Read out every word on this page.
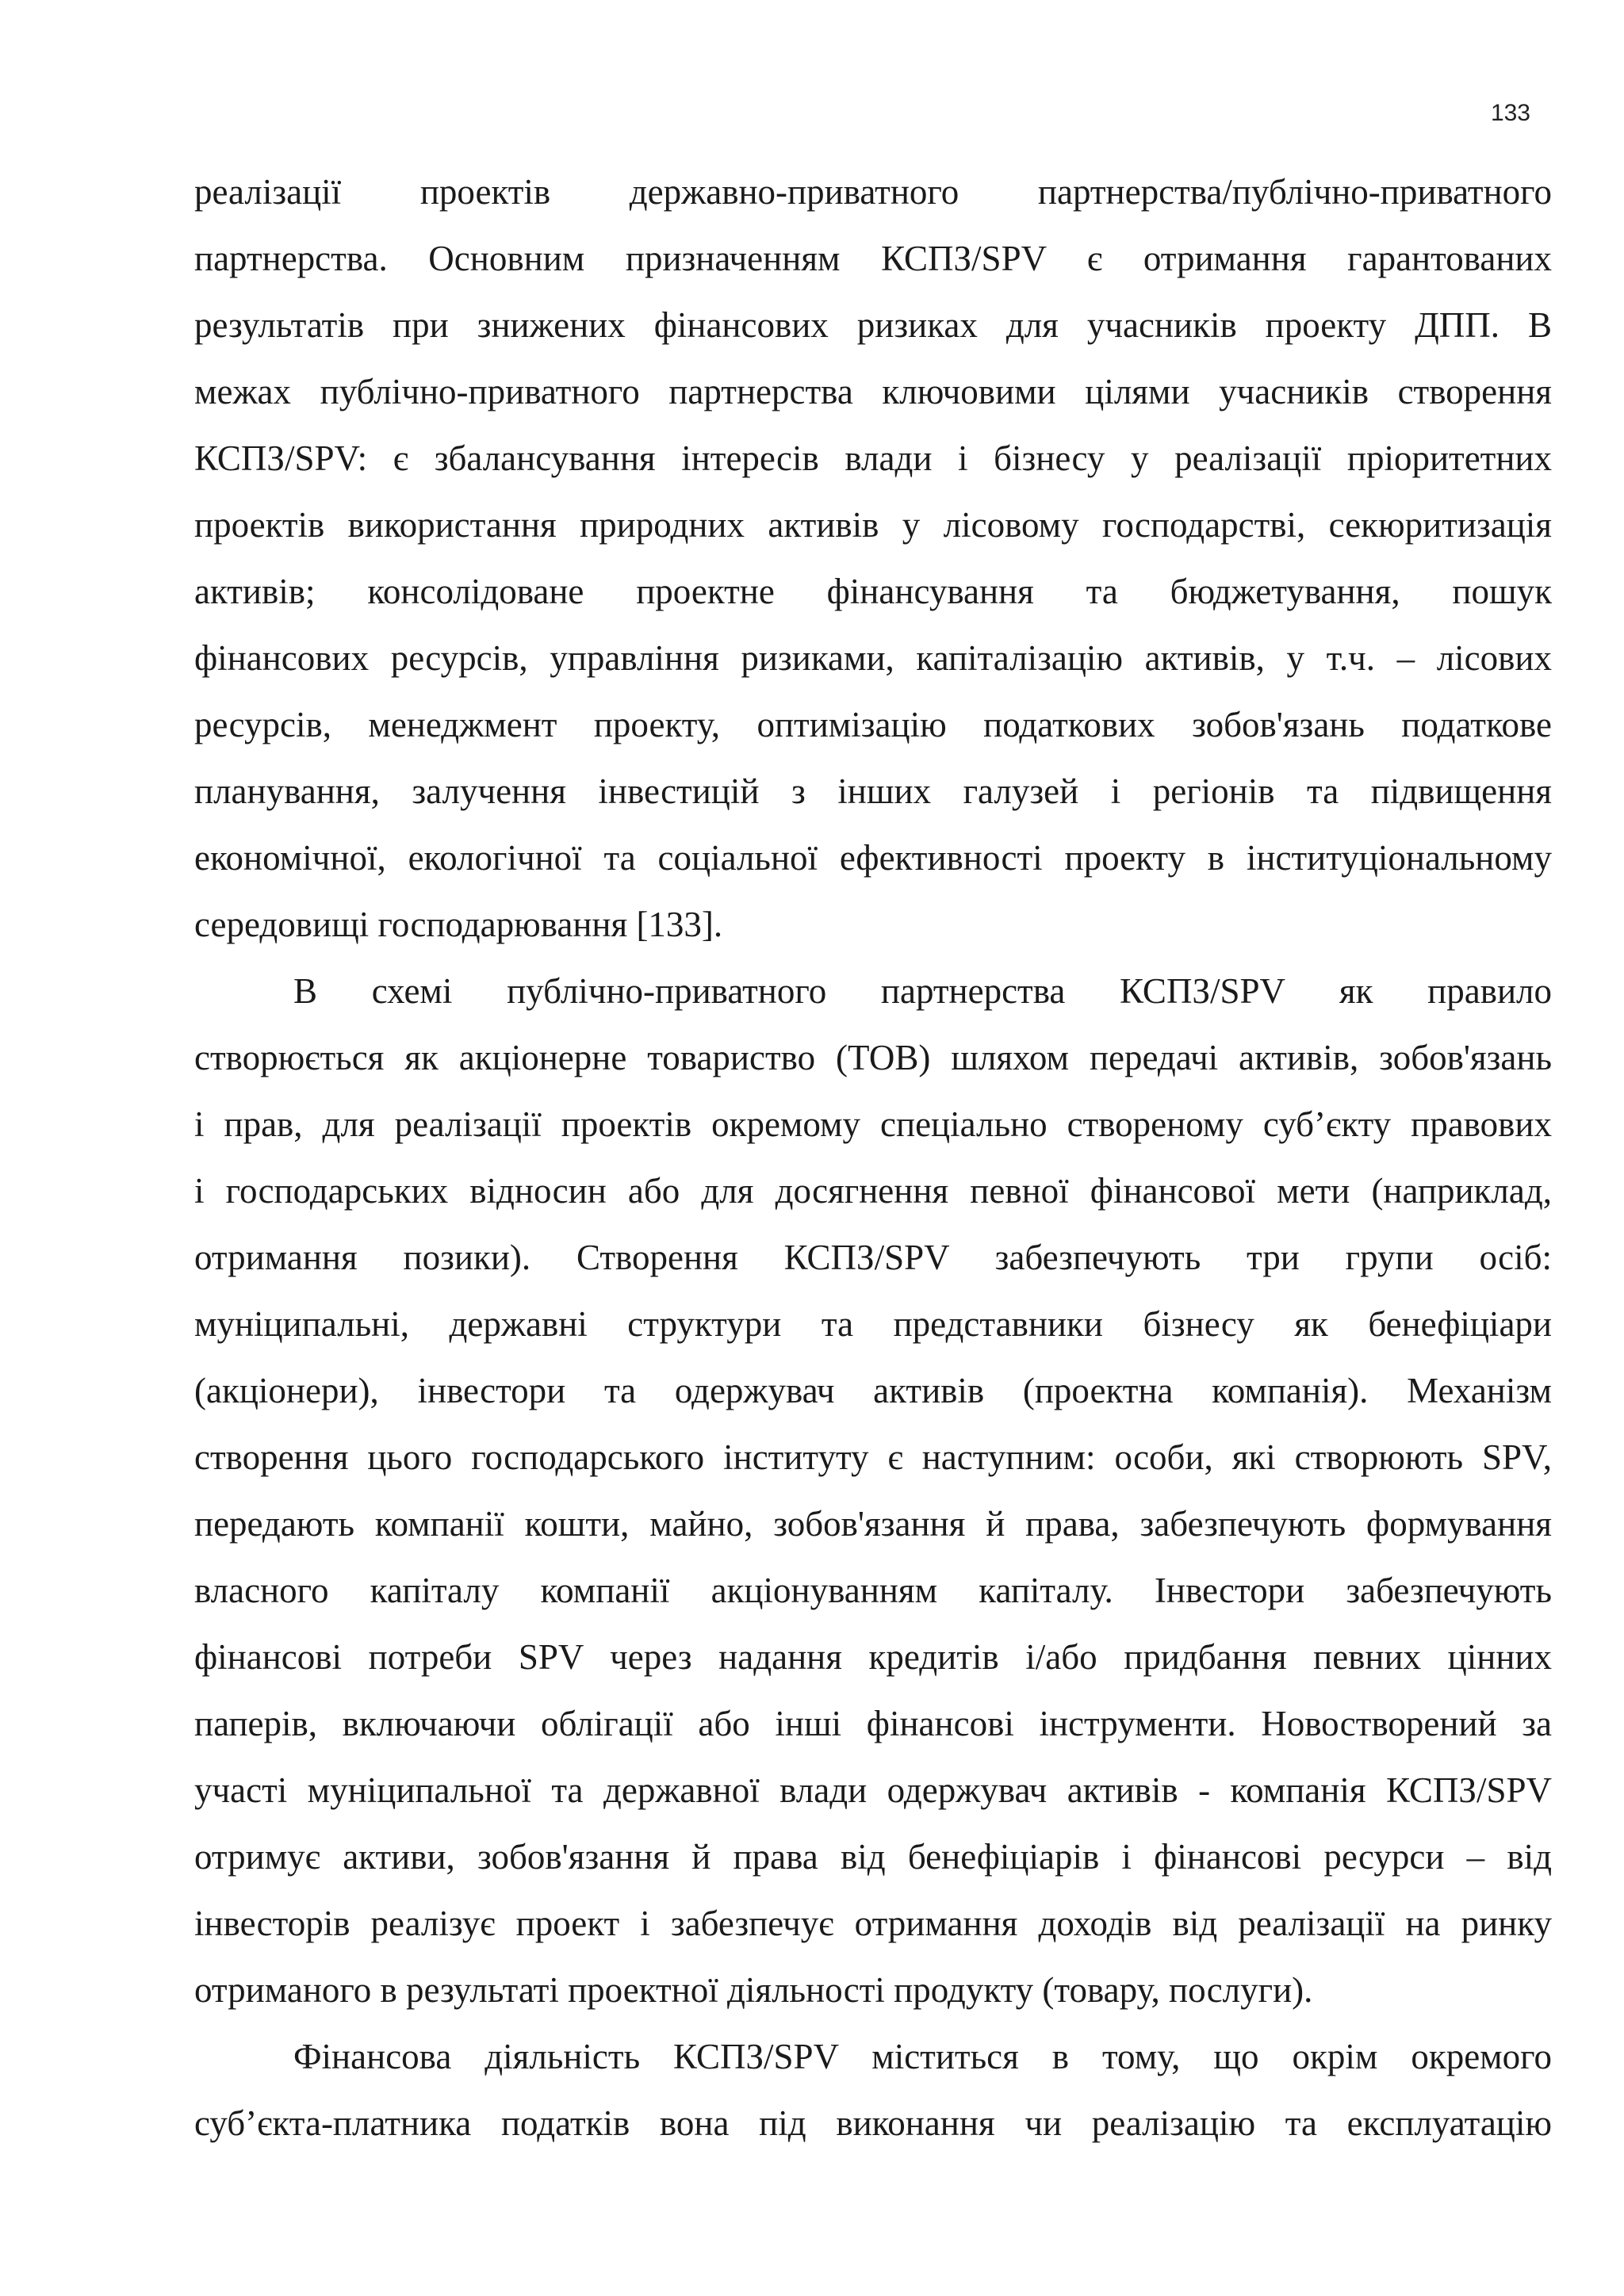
133
реалізації проектів державно-приватного партнерства/публічно-приватного
партнерства. Основним призначенням КСПЗ/SPV є отримання гарантованих
результатів при знижених фінансових ризиках для учасників проекту ДПП. В
межах публічно-приватного партнерства ключовими цілями учасників створення
КСПЗ/SPV: є збалансування інтересів влади і бізнесу у реалізації пріоритетних
проектів використання природних активів у лісовому господарстві, секюритизація
активів; консолідоване проектне фінансування та бюджетування, пошук
фінансових ресурсів, управління ризиками, капіталізацію активів, у т.ч. – лісових
ресурсів, менеджмент проекту, оптимізацію податкових зобов'язань податкове
планування, залучення інвестицій з інших галузей і регіонів та підвищення
економічної, екологічної та соціальної ефективності проекту в інституціональному
середовищі господарювання [133].
В схемі публічно-приватного партнерства КСПЗ/SPV як правило
створюється як акціонерне товариство (ТОВ) шляхом передачі активів, зобов'язань
і прав, для реалізації проектів окремому спеціально створеному суб’єкту правових
і господарських відносин або для досягнення певної фінансової мети (наприклад,
отримання позики). Створення КСПЗ/SPV забезпечують три групи осіб:
муніципальні, державні структури та представники бізнесу як бенефіціари
(акціонери), інвестори та одержувач активів (проектна компанія). Механізм
створення цього господарського інституту є наступним: особи, які створюють SPV,
передають компанії кошти, майно, зобов'язання й права, забезпечують формування
власного капіталу компанії акціонуванням капіталу. Інвестори забезпечують
фінансові потреби SPV через надання кредитів і/або придбання певних цінних
паперів, включаючи облігації або інші фінансові інструменти. Новостворений за
участі муніципальної та державної влади одержувач активів - компанія КСПЗ/SPV
отримує активи, зобов'язання й права від бенефіціарів і фінансові ресурси – від
інвесторів реалізує проект і забезпечує отримання доходів від реалізації на ринку
отриманого в результаті проектної діяльності продукту (товару, послуги).
Фінансова діяльність КСПЗ/SPV міститься в тому, що окрім окремого
суб’єкта-платника податків вона під виконання чи реалізацію та експлуатацію
